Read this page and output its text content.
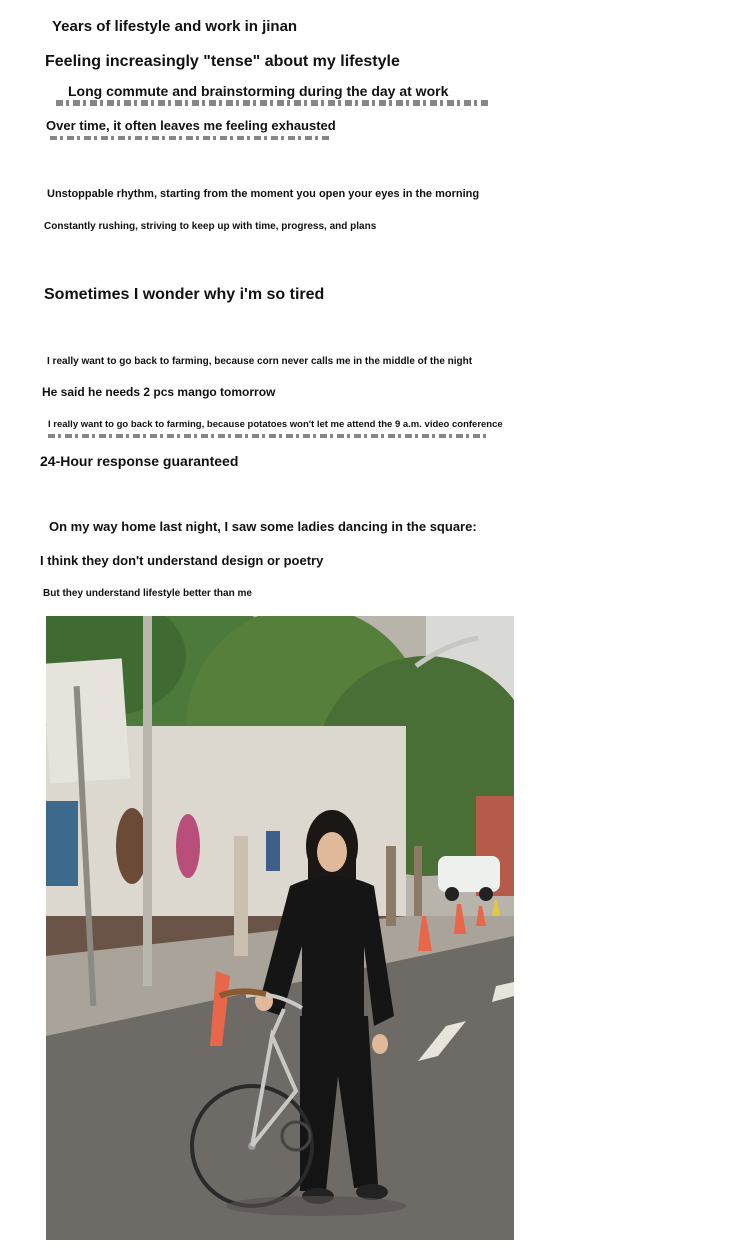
Years of lifestyle and work in jinan
Feeling increasingly "tense" about my lifestyle
Long commute and brainstorming during the day at work
Over time, it often leaves me feeling exhausted
Unstoppable rhythm, starting from the moment you open your eyes in the morning
Constantly rushing, striving to keep up with time, progress, and plans
Sometimes I wonder why i'm so tired
I really want to go back to farming, because corn never calls me in the middle of the night
He said he needs 2 pcs mango tomorrow
I really want to go back to farming, because potatoes won't let me attend the 9 a.m. video conference
24-Hour response guaranteed
On my way home last night, I saw some ladies dancing in the square:
I think they don't understand design or poetry
But they understand lifestyle better than me
